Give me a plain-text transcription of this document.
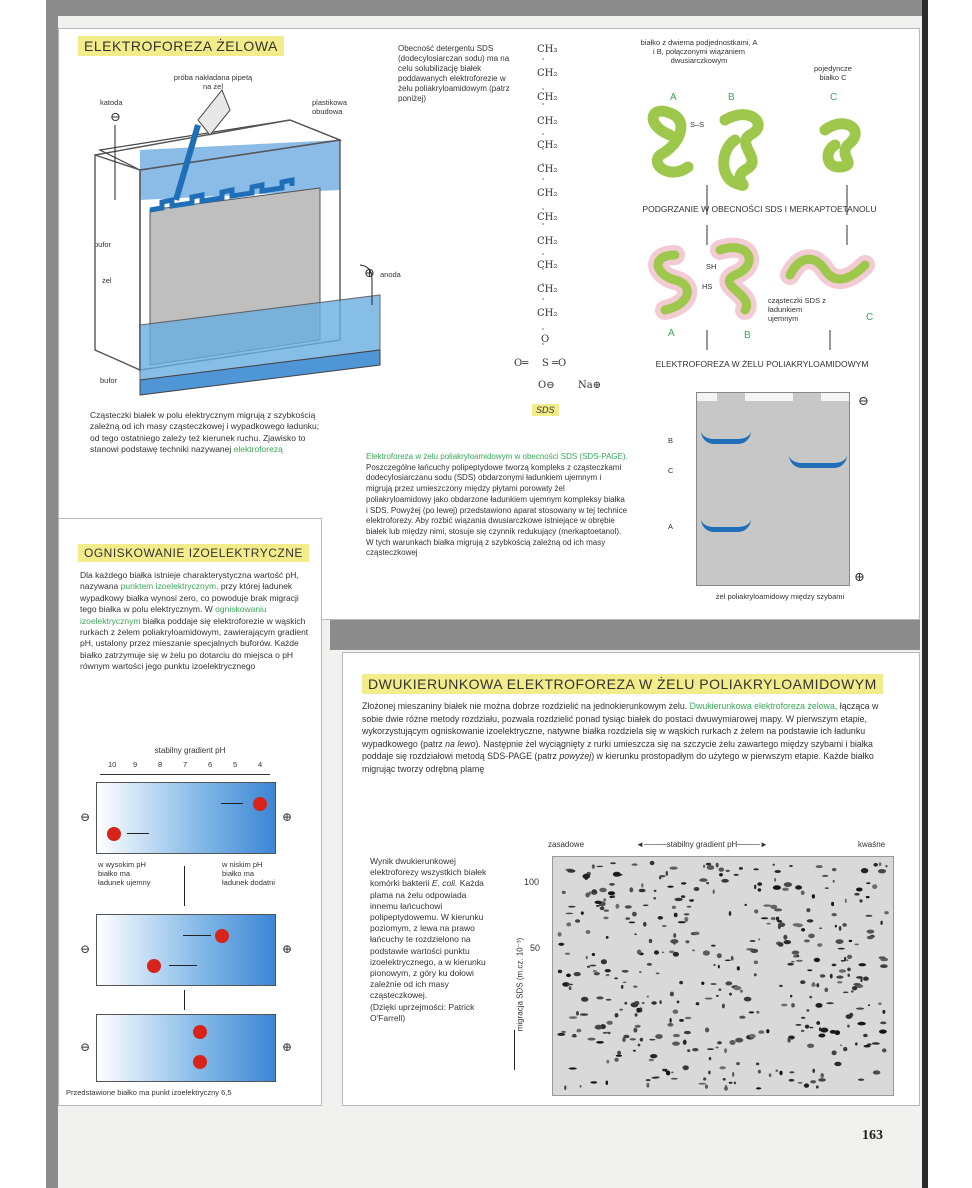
ELEKTROFOREZA ŻELOWA
próba nakładana pipetą na żel
katoda	plastikowa obudowa
bufor
żel
anoda
bufor
⊖
⊕
Cząsteczki białek w polu elektrycznym migrują z szybkością zależną od ich masy cząsteczkowej i wypadkowego ładunku; od tego ostatniego zależy też kierunek ruchu. Zjawisko to stanowi podstawę techniki nazywanej elektroforezą
Obecność detergentu SDS (dodecylosiarczan sodu) ma na celu solubilizację białek poddawanych elektroforezie w żelu poliakryloamidowym (patrz poniżej)
CH₃
CH₂
CH₂
CH₂
CH₂
CH₂
CH₂
CH₂
CH₂
CH₂
CH₂
CH₂
O
O═ S ═O
O⊖ Na⊕
SDS
białko z dwiema podjednostkami, A i B, połączonymi wiązaniem dwusiarczkowym
pojedyncze białko C
A	B	C
S–S
PODGRZANIE W OBECNOŚCI SDS I MERKAPTOETANOLU
SH
HS
cząsteczki SDS z ładunkiem ujemnym
A	B
C
ELEKTROFOREZA W ŻELU POLIAKRYLOAMIDOWYM
B
C
A
⊖
⊕
żel poliakryloamidowy między szybami
Elektroforeza w żelu poliakryloamidowym w obecności SDS (SDS-PAGE). Poszczególne łańcuchy polipeptydowe tworzą kompleks z cząsteczkami dodecylosiarczanu sodu (SDS) obdarzonymi ładunkiem ujemnym i migrują przez umieszczony między płytami porowaty żel poliakryloamidowy jako obdarzone ładunkiem ujemnym kompleksy białka i SDS. Powyżej (po lewej) przedstawiono aparat stosowany w tej technice elektroforezy. Aby rozbić wiązania dwusiarczkowe istniejące w obrębie białek lub między nimi, stosuje się czynnik redukujący (merkaptoetanol). W tych warunkach białka migrują z szybkością zależną od ich masy cząsteczkowej
OGNISKOWANIE IZOELEKTRYCZNE
Dla każdego białka istnieje charakterystyczna wartość pH, nazywana punktem izoelektrycznym, przy której ładunek wypadkowy białka wynosi zero, co powoduje brak migracji tego białka w polu elektrycznym. W ogniskowaniu izoelektrycznym białka poddaje się elektroforezie w wąskich rurkach z żelem poliakryloamidowym, zawierającym gradient pH, ustalony przez mieszanie specjalnych buforów. Każde białko zatrzymuje się w żelu po dotarciu do miejsca o pH równym wartości jego punktu izoelektrycznego
stabilny gradient pH
10 9	8	7	6	5	4
⊖	⊕
w wysokim pH białko ma ładunek ujemny
w niskim pH białko ma ładunek dodatni
⊖	⊕
⊖	⊕
Przedstawione białko ma punkt izoelektryczny 6,5
DWUKIERUNKOWA ELEKTROFOREZA W ŻELU POLIAKRYLOAMIDOWYM
Złożonej mieszaniny białek nie można dobrze rozdzielić na jednokierunkowym żelu. Dwukierunkowa elektroforeza żelowa, łącząca w sobie dwie różne metody rozdziału, pozwala rozdzielić ponad tysiąc białek do postaci dwuwymiarowej mapy. W pierwszym etapie, wykorzystującym ogniskowanie izoelektryczne, natywne białka rozdziela się w wąskich rurkach z żelem na podstawie ich ładunku wypadkowego (patrz na lewo). Następnie żel wyciągnięty z rurki umieszcza się na szczycie żelu zawartego między szybami i białka poddaje się rozdziałowi metodą SDS-PAGE (patrz powyżej) w kierunku prostopadłym do użytego w pierwszym etapie. Każde białko migrując tworzy odrębną plamę
zasadowe	◄────stabilny gradient pH────►	kwaśne
100
50
migracja SDS (m.cz. 10⁻³)
Wynik dwukierunkowej elektroforezy wszystkich białek komórki bakterii E. coli. Każda plama na żelu odpowiada innemu łańcuchowi polipeptydowemu. W kierunku poziomym, z lewa na prawo łańcuchy te rozdzielono na podstawie wartości punktu izoelektrycznego, a w kierunku pionowym, z góry ku dołowi zależnie od ich masy cząsteczkowej.
(Dzięki uprzejmości: Patrick O'Farrell)
163
